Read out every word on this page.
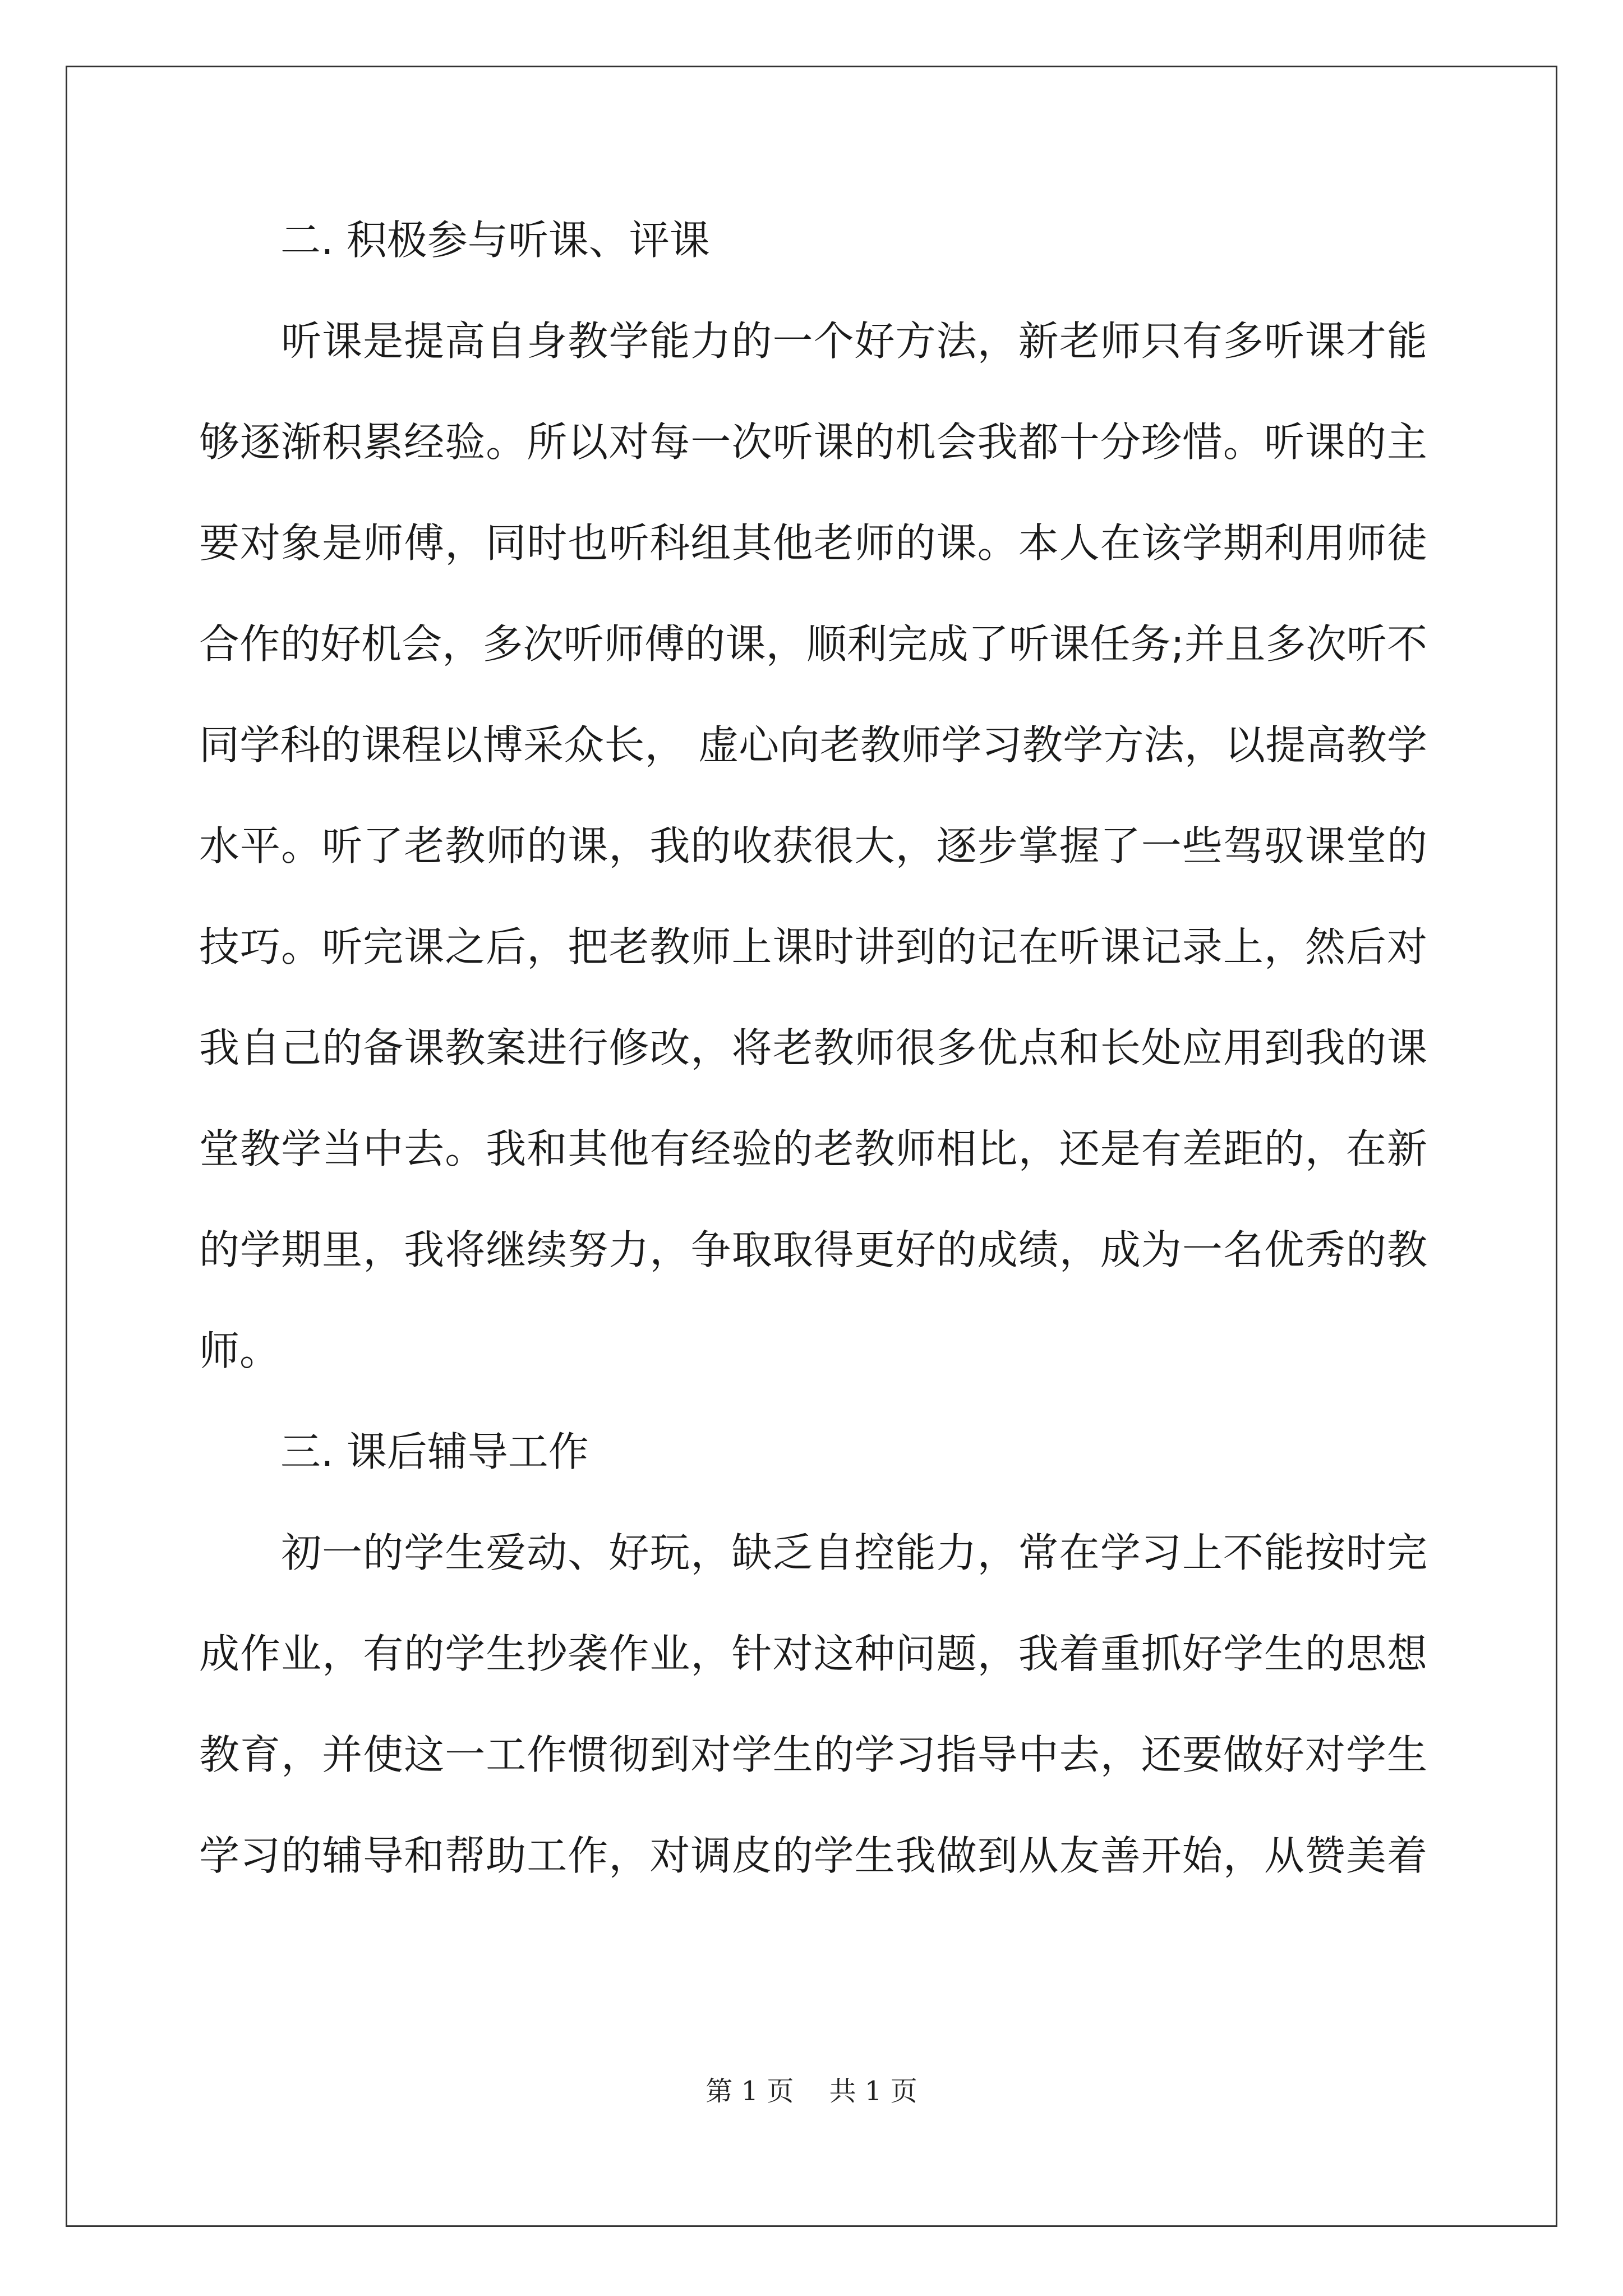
二. 积极参与听课、评课
　　听课是提高自身教学能力的一个好方法，新老师只有多听课才能
够逐渐积累经验。所以对每一次听课的机会我都十分珍惜。听课的主
要对象是师傅，同时也听科组其他老师的课。本人在该学期利用师徒
合作的好机会，多次听师傅的课，顺利完成了听课任务;并且多次听不
同学科的课程以博采众长， 虚心向老教师学习教学方法，以提高教学
水平。听了老教师的课，我的收获很大，逐步掌握了一些驾驭课堂的
技巧。听完课之后，把老教师上课时讲到的记在听课记录上，然后对
我自己的备课教案进行修改，将老教师很多优点和长处应用到我的课
堂教学当中去。我和其他有经验的老教师相比，还是有差距的，在新
的学期里，我将继续努力，争取取得更好的成绩，成为一名优秀的教
师。
三. 课后辅导工作
　　初一的学生爱动、好玩，缺乏自控能力，常在学习上不能按时完
成作业，有的学生抄袭作业，针对这种问题，我着重抓好学生的思想
教育，并使这一工作惯彻到对学生的学习指导中去，还要做好对学生
学习的辅导和帮助工作，对调皮的学生我做到从友善开始，从赞美着
第 1 页 共 1 页
